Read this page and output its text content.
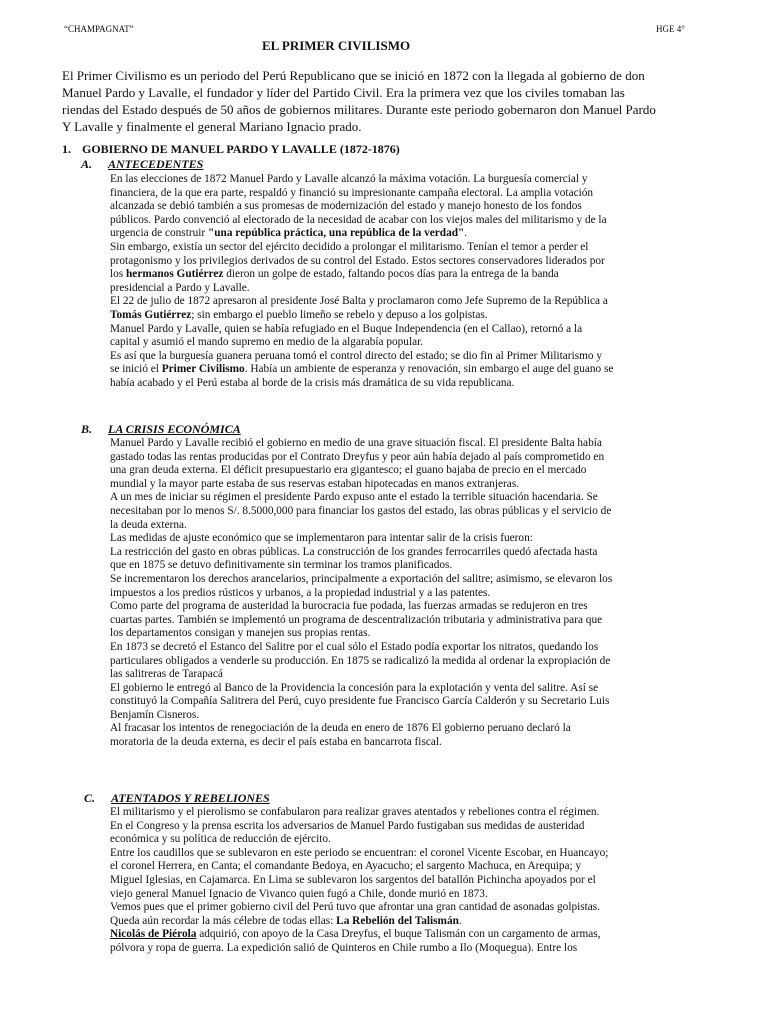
“CHAMPAGNAT”	HGE 4°
EL PRIMER CIVILISMO

El Primer Civilismo es un periodo del Perú Republicano que se inició en 1872 con la llegada al gobierno de don
Manuel Pardo y Lavalle, el fundador y líder del Partido Civil. Era la primera vez que los civiles tomaban las
riendas del Estado después de 50 años de gobiernos militares. Durante este periodo gobernaron don Manuel Pardo
Y Lavalle y finalmente el general Mariano Ignacio prado.

1. GOBIERNO DE MANUEL PARDO Y LAVALLE (1872-1876)
A. ANTECEDENTES

En las elecciones de 1872 Manuel Pardo y Lavalle alcanzó la máxima votación. La burguesía comercial y
financiera, de la que era parte, respaldó y financió su impresionante campaña electoral. La amplia votación
alcanzada se debió también a sus promesas de modernización del estado y manejo honesto de los fondos
públicos. Pardo convenció al electorado de la necesidad de acabar con los viejos males del militarismo y de la
urgencia de construir "una república práctica, una república de la verdad".
Sin embargo, existía un sector del ejército decidido a prolongar el militarismo. Tenían el temor a perder el
protagonismo y los privilegios derivados de su control del Estado. Estos sectores conservadores liderados por
los hermanos Gutiérrez dieron un golpe de estado, faltando pocos días para la entrega de la banda
presidencial a Pardo y Lavalle.
El 22 de julio de 1872 apresaron al presidente José Balta y proclamaron como Jefe Supremo de la República a
Tomás Gutiérrez; sin embargo el pueblo limeño se rebelo y depuso a los golpistas.
Manuel Pardo y Lavalle, quien se había refugiado en el Buque Independencia (en el Callao), retornó a la
capital y asumió el mando supremo en medio de la algarabía popular.
Es así que la burguesía guanera peruana tomó el control directo del estado; se dio fin al Primer Militarismo y
se inició el Primer Civilismo. Había un ambiente de esperanza y renovación, sin embargo el auge del guano se
había acabado y el Perú estaba al borde de la crisis más dramática de su vida republicana.

B. LA CRISIS ECONÓMICA

Manuel Pardo y Lavalle recibió el gobierno en medio de una grave situación fiscal. El presidente Balta había
gastado todas las rentas producidas por el Contrato Dreyfus y peor aún había dejado al país comprometido en
una gran deuda externa. El déficit presupuestario era gigantesco; el guano bajaba de precio en el mercado
mundial y la mayor parte estaba de sus reservas estaban hipotecadas en manos extranjeras.
A un mes de iniciar su régimen el presidente Pardo expuso ante el estado la terrible situación hacendaria. Se
necesitaban por lo menos S/. 8.5000,000 para financiar los gastos del estado, las obras públicas y el servicio de
la deuda externa.
Las medidas de ajuste económico que se implementaron para intentar salir de la crisis fueron:
La restricción del gasto en obras públicas. La construcción de los grandes ferrocarriles quedó afectada hasta
que en 1875 se detuvo definitivamente sin terminar los tramos planificados.
Se incrementaron los derechos arancelarios, principalmente a exportación del salitre; asimismo, se elevaron los
impuestos a los predios rústicos y urbanos, a la propiedad industrial y a las patentes.
Como parte del programa de austeridad la burocracia fue podada, las fuerzas armadas se redujeron en tres
cuartas partes. También se implementó un programa de descentralización tributaria y administrativa para que
los departamentos consigan y manejen sus propias rentas.
En 1873 se decretó el Estanco del Salitre por el cual sólo el Estado podía exportar los nitratos, quedando los
particulares obligados a venderle su producción. En 1875 se radicalizó la medida al ordenar la expropiación de
las salitreras de Tarapacá
El gobierno le entregó al Banco de la Providencia la concesión para la explotación y venta del salitre. Así se
constituyó la Compañía Salitrera del Perú, cuyo presidente fue Francisco García Calderón y su Secretario Luis
Benjamín Cisneros.
Al fracasar los intentos de renegociación de la deuda en enero de 1876 El gobierno peruano declaró la
moratoria de la deuda externa, es decir el país estaba en bancarrota fiscal.

C. ATENTADOS Y REBELIONES

El militarismo y el pierolismo se confabularon para realizar graves atentados y rebeliones contra el régimen.
En el Congreso y la prensa escrita los adversarios de Manuel Pardo fustigaban sus medidas de austeridad
económica y su política de reducción de ejército.
Entre los caudillos que se sublevaron en este periodo se encuentran: el coronel Vicente Escobar, en Huancayo;
el coronel Herrera, en Canta; el comandante Bedoya, en Ayacucho; el sargento Machuca, en Arequipa; y
Miguel Iglesias, en Cajamarca. En Lima se sublevaron los sargentos del batallón Pichincha apoyados por el
viejo general Manuel Ignacio de Vivanco quien fugó a Chile, donde murió en 1873.
Vemos pues que el primer gobierno civil del Perú tuvo que afrontar una gran cantidad de asonadas golpistas.
Queda aún recordar la más célebre de todas ellas: La Rebelión del Talismán.
Nicolás de Piérola adquirió, con apoyo de la Casa Dreyfus, el buque Talismán con un cargamento de armas,
pólvora y ropa de guerra. La expedición salió de Quinteros en Chile rumbo a Ilo (Moquegua). Entre los
